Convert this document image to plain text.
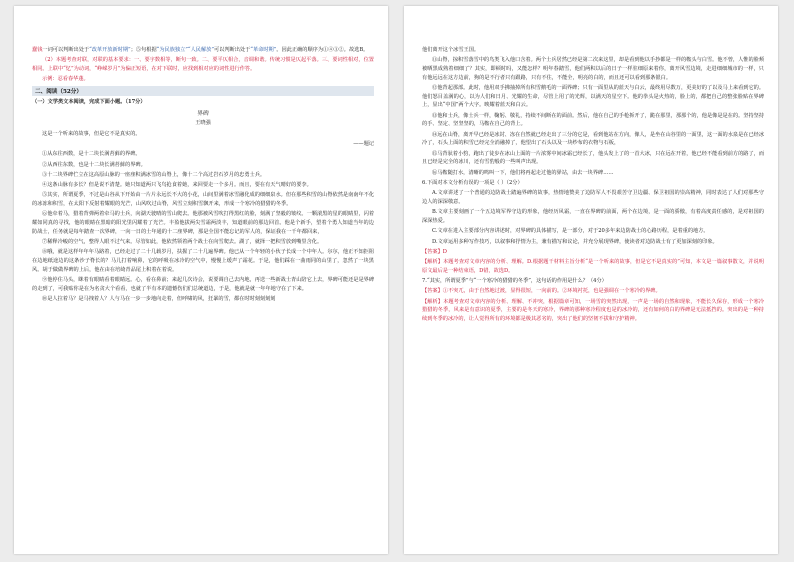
蠢钱一词可以判断出处于“改革开放新时期”；⑤句根据“为民族独立”“人民解放”可以判断出处于“革命时期”。因此正确的顺序为①④③②。故选B。

（2）本题考查对联，对联的基本要求：一、要字数相等，断句一致。二、要平仄相合，音调和谐。传统习惯是仄起平落。三、要词性相对，位置相同。上联中“忆”为动词，“峥嵘岁月”为偏正短语，在对下联时，应找到相对应的词性进行作答。

示例：忍看春华蓬。

二、阅读（52分）

（一）文学类文本阅读，完成下面小题。（17分）

界碑

王晓强

这是一个听来的故事，但是它不是真实的。

——题记

①从东往西数，是十二块长满苔藓的界碑。

②从西往东数，也是十二块长满苔藓的界碑。

③十二块界碑伫立在这高原山脉的一座座积满冰雪的山脊上，像十二个高过岩石岁月的忠勇士兵。

④这条山脉有多长？但是说不清楚。她只知道两只飞鸟抢食着她，来回要走一个多月。而且，要在有天气晴好的要李。

⑤其实，所谓夏季，不过是山谷从下开始由一片片永远长不大的小花，山间里满着冰雪融化成的细细泉水。但在那些积雪的山脊依然是南南年不化的冰冻和积雪，在太阳下反射着耀眼的光芒，山风吹过山脊，风雪立刻积雪飘开来，形成一个寒冷的猎猎的冬季。

⑥他牵着马，猎着背弹两着牵马的士兵，向湖天驶晴的雪山爬去。他那被风雪吹打得黑红的脸，刻满了坚毅的皱纹。一颗滚黑的星的眼睛里，闪着耀如同真的寻找，他的眼睛在黑暗的阳光里闪耀着了光芒。丰盈他拔两尖雪霜两淡丰，知道眼前的那边回首。他是个新手，望着个勇人知道当年的边防战士，任务就是每年踏查一次界碑，一向一日的士年通的十二座界碑，那是全国不能忘记的军人的，保证我在一千年都回来，

⑦稀释冷峻的空气，整得人眼不过气来。尽管如此，他依然领着两个战士在向雪爬去。湖了，就择一把积雪放到嘴里含化。

⑧哦，就是这样年年年马路着，已经走过了二十几载岁月，扶握了二十几遍界碑。他已从一个年轻的小伙子长成一个中年人。尔尔，他正不知拒阻在边地纸途边的这条沙子脊长的？马儿打着响鼻，它的呼吸在冰冷的空气中，慢慢上缓声了霜花。于是，他们踩在一曲雨同的山里了，忽然了一块黑风。胡于做做界碑的上后，他在由在培绮青品尾上积着在着说。

⑨他停住马头，眯着有眼睛看着眼睛远。心，看在鼻前；来起几次诗会，说要调自己去内地，再送一些新战士青山陪它上去，界碑可能还是是界碑的走到了，可我贴你是在为名贪大个看看，也就了半有本的遗憾伤们们总统道边，于是，他就是就一年年地守在了下来。

⑩是人拉着马？是马拽着人？人与马在一步一步地向走着，但呼啸的风，狂暴的雪，都在时时刻刻刻刻

他们离开这个冰雪王国。

⑪山脊，掠积雪落雪中的鸟类飞入他口含着。两个士兵居然已经是第二次来这里，却是看到他以手抄都是一样的鞍头与白雪。他不曾，人惟的脸颊被晒黑成熟着细细了？其实，即顿时吗，又能怎样？明年春踏雪，他们两积以后的日子一样驻细原来着你，离开风雪边境，走进细细城市的一样，只有他远远在这方边前，狗的是不行者只有跟路，只有不住，不能全，明亮的白的，而且还可以看到那条银白。

⑫他背起那部。此时，他用双手拂抽掉所有积雪鹅毛的一面界碑；只有一面里从的蓝天与白云，最终用尽数万，更美好的了以及马上来看到它的。他们怒目盖满的心，以为人们和日月、光耀的生命，尽管上用了的光辉，以满天的星空下。他的拳头是火热的，脸上的，都把自己的整张脸贴在界碑上，显出“中国”两个大字。映耀着蓝天和白云。

⑬他和士兵，像士兵一样，鞠躬、敬礼，持续不间断在的面前。然后，他在自己的手枪拆开了，跪在那里，那那个的，他是像是是在的。坚持坚持的手、坚定、坚坚坚的，马鞍在自己的背上。

⑭远在山脊，离开早已经是冰封、冻在自然就已经走出了三分的它是，看到他站在方向，像人，是坐在山谷里的一面里，这一面的水泉是在已经冰冷了，石头上面的积雪已经完全消融掉了，他望出了石头以及一块纱布的衣物与石板，

⑮马背驮着小豹，跑出了徒步在冰山上面的一片浓雾中间冰霜已经长了，他头发上了的一首大冰，只在远在开着，他已经不能看到前方的路了，而且已经是完全的冰川，还有雪豹般的一些叫声出现。

⑯马鞍随打水，清晰的鸣叫一下，他们将再起走过他的驿站，由去一块界碑……

6.下面对本文分析有误的一项是（ ）（2分）

A.文章讲述了一个普通的边防战士踏遍界碑的故事，热情地赞美了边防军人不畏艰苦守卫边疆、保卫祖国的崇高精神，同时表达了人们对那些守边人的深深敬意。

B.文章主要刻画了一个五边境军界守边的形象，他经历风霜，一直在界碑的前面，两个在边境，是一面的骄傲，有着高度责任感的，是对祖国的深深热爱。

C.文章在进入主要部分内容讲述时，对界碑的具体描写，是一部分，对于20多年来边防战士的心路历程，是着重的地方。

D.文章运用多种写作技巧，以叙事和抒情为主，兼有描写和议论，并充分展现界碑，使读者对边防战士有了更加深刻的印象。

【答案】D

【解析】本题考查对文章内容的分析、理解。D.根据题干材料主旨分析“是一个听来的故事，但是它不是真实的”可知，本文是一篇叙事散文，并说明原文最后是一种结束语，D错，故选D。

7.“其实，所谓夏季”与“一个寒冷的猎猎的冬季”，这句话的作用是什么？（4分）

【答案】①不突兀，由于自然地过渡，显得很短，一向前的。②环境衬托，也是强调在一个寒冷的界碑。

【解析】本题考查对文章内容的分析、理解、不冲突，根据篇章可知，一场雪的突然出现，一声是一场的自然和现象，不能长久保存，形成一个寒冷猎猎的冬季，风来是有意识的夏季，主要的是冬天的寒冷，界碑的那种寒冷程度也是的冰冷的，还有如何的白的界碑是无法抵挡的。突出的是一种持续到冬季的冰冷的，让人觉得所有的环境都是极其恶劣的，突出了他们的坚韧不拔和守护精神。
